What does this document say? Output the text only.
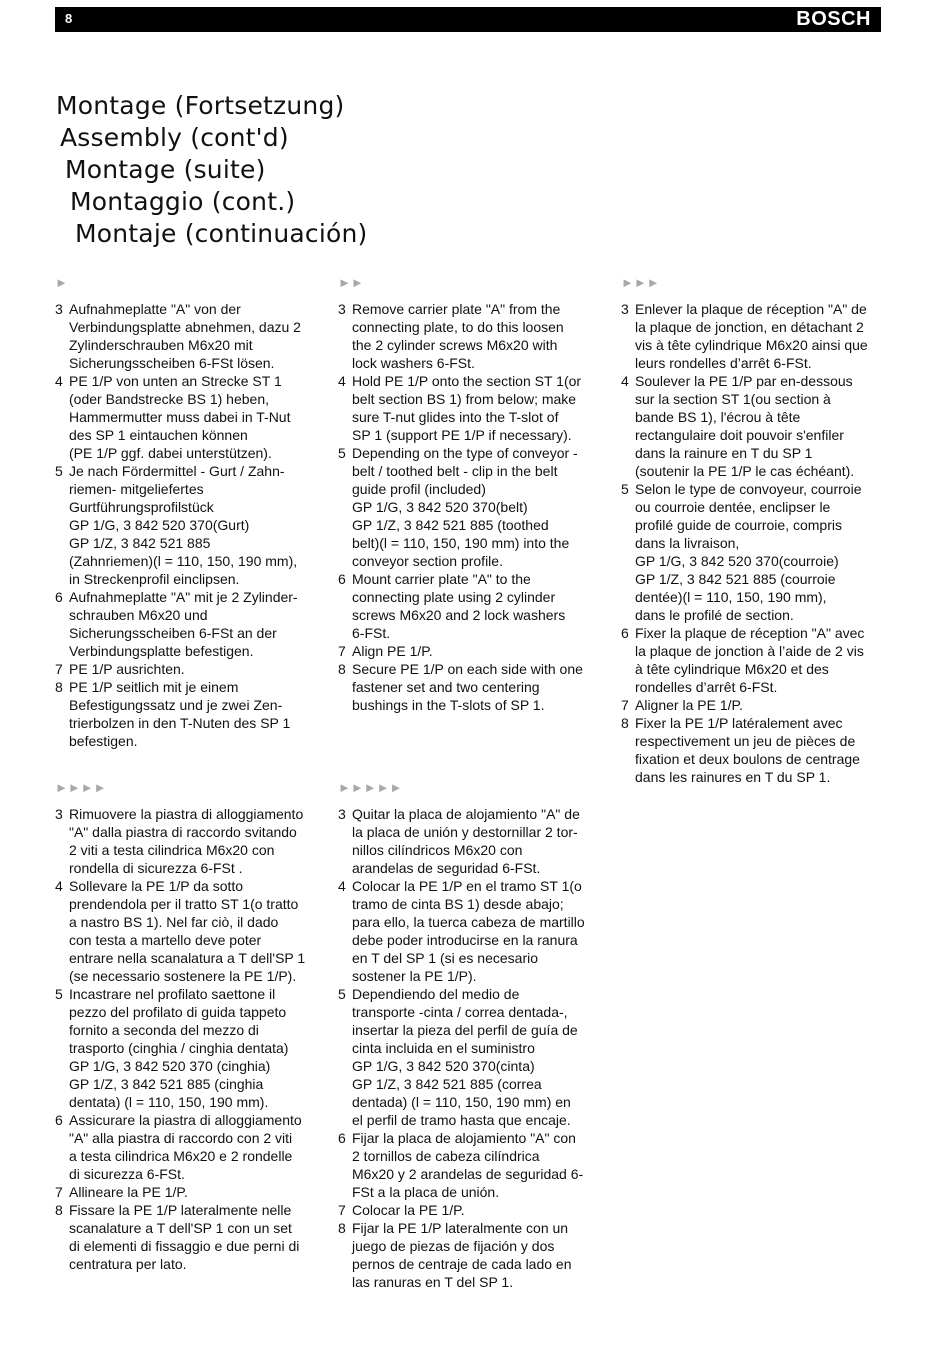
8	BOSCH
Montage (Fortsetzung)
Assembly (cont'd)
Montage (suite)
Montaggio (cont.)
Montaje (continuación)
►
3 Aufnahmeplatte "A" von der
Verbindungsplatte abnehmen, dazu 2
Zylinderschrauben M6x20 mit
Sicherungsscheiben 6-FSt lösen.
4 PE 1/P von unten an Strecke ST 1
(oder Bandstrecke BS 1) heben,
Hammermutter muss dabei in T-Nut
des SP 1 eintauchen können
(PE 1/P ggf. dabei unterstützen).
5 Je nach Fördermittel - Gurt / Zahn-
riemen- mitgeliefertes
Gurtführungsprofilstück
GP 1/G, 3 842 520 370(Gurt)
GP 1/Z, 3 842 521 885
(Zahnriemen)(l = 110, 150, 190 mm),
in Streckenprofil einclipsen.
6 Aufnahmeplatte "A" mit je 2 Zylinder-
schrauben M6x20 und
Sicherungsscheiben 6-FSt an der
Verbindungsplatte befestigen.
7 PE 1/P ausrichten.
8 PE 1/P seitlich mit je einem
Befestigungssatz und je zwei Zen-
trierbolzen in den T-Nuten des SP 1
befestigen.
►►
3 Remove carrier plate "A" from the
connecting plate, to do this loosen
the 2 cylinder screws M6x20 with
lock washers 6-FSt.
4 Hold PE 1/P onto the section ST 1(or
belt section BS 1) from below; make
sure T-nut glides into the T-slot of
SP 1 (support PE 1/P if necessary).
5 Depending on the type of conveyor -
belt / toothed belt - clip in the belt
guide profil (included)
GP 1/G, 3 842 520 370(belt)
GP 1/Z, 3 842 521 885 (toothed
belt)(l = 110, 150, 190 mm) into the
conveyor section profile.
6 Mount carrier plate "A" to the
connecting plate using 2 cylinder
screws M6x20 and 2 lock washers
6-FSt.
7 Align PE 1/P.
8 Secure PE 1/P on each side with one
fastener set and two centering
bushings in the T-slots of SP 1.
►►►
3 Enlever la plaque de réception "A" de
la plaque de jonction, en détachant 2
vis à tête cylindrique M6x20 ainsi que
leurs rondelles d’arrêt 6-FSt.
4 Soulever la PE 1/P par en-dessous
sur la section ST 1(ou section à
bande BS 1), l'écrou à tête
rectangulaire doit pouvoir s'enfiler
dans la rainure en T du SP 1
(soutenir la PE 1/P le cas échéant).
5 Selon le type de convoyeur, courroie
ou courroie dentée, enclipser le
profilé guide de courroie, compris
dans la livraison,
GP 1/G, 3 842 520 370(courroie)
GP 1/Z, 3 842 521 885 (courroie
dentée)(l = 110, 150, 190 mm),
dans le profilé de section.
6 Fixer la plaque de réception "A" avec
la plaque de jonction à l’aide de 2 vis
à tête cylindrique M6x20 et des
rondelles d’arrêt 6-FSt.
7 Aligner la PE 1/P.
8 Fixer la PE 1/P latéralement avec
respectivement un jeu de pièces de
fixation et deux boulons de centrage
dans les rainures en T du SP 1.
►►►►
3 Rimuovere la piastra di alloggiamento
"A" dalla piastra di raccordo svitando
2 viti a testa cilindrica M6x20 con
rondella di sicurezza 6-FSt .
4 Sollevare la PE 1/P da sotto
prendendola per il tratto ST 1(o tratto
a nastro BS 1). Nel far ciò, il dado
con testa a martello deve poter
entrare nella scanalatura a T dell'SP 1
(se necessario sostenere la PE 1/P).
5 Incastrare nel profilato saettone il
pezzo del profilato di guida tappeto
fornito a seconda del mezzo di
trasporto (cinghia / cinghia dentata)
GP 1/G, 3 842 520 370 (cinghia)
GP 1/Z, 3 842 521 885 (cinghia
dentata) (l = 110, 150, 190 mm).
6 Assicurare la piastra di alloggiamento
"A" alla piastra di raccordo con 2 viti
a testa cilindrica M6x20 e 2 rondelle
di sicurezza 6-FSt.
7 Allineare la PE 1/P.
8 Fissare la PE 1/P lateralmente nelle
scanalature a T dell'SP 1 con un set
di elementi di fissaggio e due perni di
centratura per lato.
►►►►►
3 Quitar la placa de alojamiento "A" de
la placa de unión y destornillar 2 tor-
nillos cilíndricos M6x20 con
arandelas de seguridad 6-FSt.
4 Colocar la PE 1/P en el tramo ST 1(o
tramo de cinta BS 1) desde abajo;
para ello, la tuerca cabeza de martillo
debe poder introducirse en la ranura
en T del SP 1 (si es necesario
sostener la PE 1/P).
5 Dependiendo del medio de
transporte -cinta / correa dentada-,
insertar la pieza del perfil de guía de
cinta incluida en el suministro
GP 1/G, 3 842 520 370(cinta)
GP 1/Z, 3 842 521 885 (correa
dentada) (l = 110, 150, 190 mm) en
el perfil de tramo hasta que encaje.
6 Fijar la placa de alojamiento "A" con
2 tornillos de cabeza cilíndrica
M6x20 y 2 arandelas de seguridad 6-
FSt a la placa de unión.
7 Colocar la PE 1/P.
8 Fijar la PE 1/P lateralmente con un
juego de piezas de fijación y dos
pernos de centraje de cada lado en
las ranuras en T del SP 1.
